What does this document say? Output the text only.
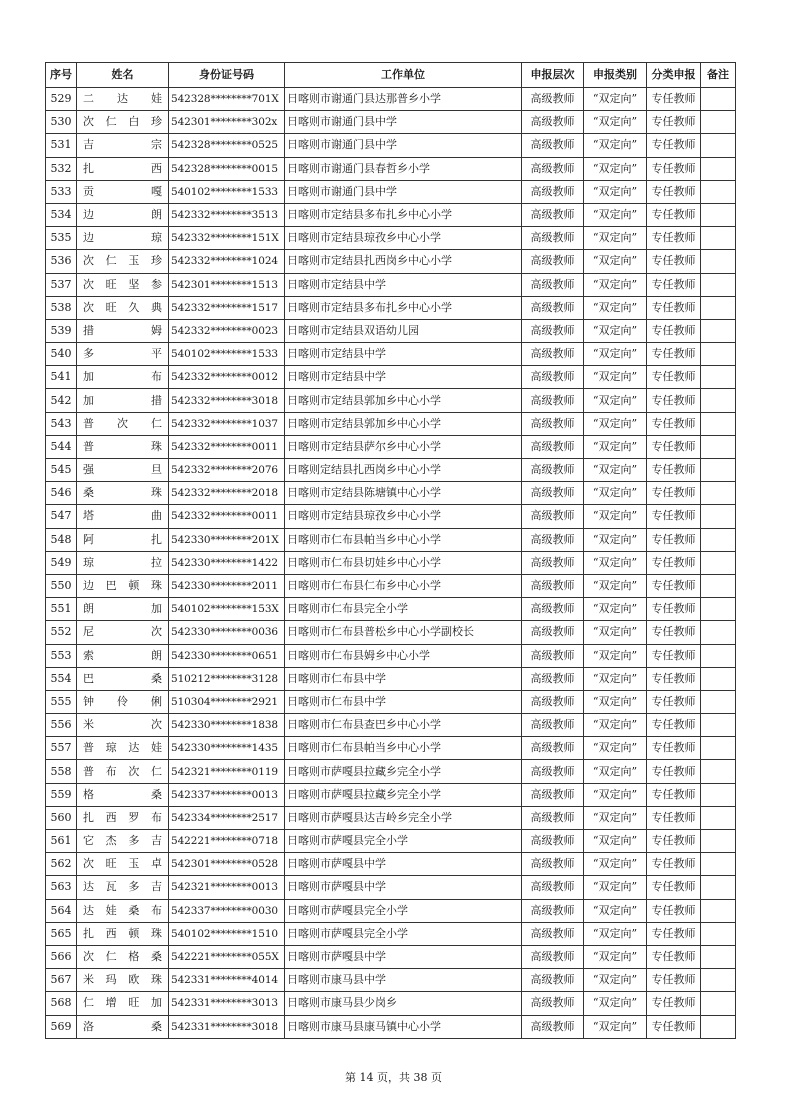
序号	姓名	身份证号码	工作单位	申报层次	申报类别	分类申报	备注
529	二 达 娃	542328********701X	日喀则市谢通门县达那普乡小学	高级教师	“双定向”	专任教师	
530	次 仁 白 珍	542301********302x	日喀则市谢通门县中学	高级教师	“双定向”	专任教师	
531	吉 宗	542328********0525	日喀则市谢通门县中学	高级教师	“双定向”	专任教师	
532	扎 西	542328********0015	日喀则市谢通门县春哲乡小学	高级教师	“双定向”	专任教师	
533	贡 嘎	540102********1533	日喀则市谢通门县中学	高级教师	“双定向”	专任教师	
534	边 朗	542332********3513	日喀则市定结县多布扎乡中心小学	高级教师	“双定向”	专任教师	
535	边 琼	542332********151X	日喀则市定结县琼孜乡中心小学	高级教师	“双定向”	专任教师	
536	次 仁 玉 珍	542332********1024	日喀则市定结县扎西岗乡中心小学	高级教师	“双定向”	专任教师	
537	次 旺 坚 参	542301********1513	日喀则市定结县中学	高级教师	“双定向”	专任教师	
538	次 旺 久 典	542332********1517	日喀则市定结县多布扎乡中心小学	高级教师	“双定向”	专任教师	
539	措 姆	542332********0023	日喀则市定结县双语幼儿园	高级教师	“双定向”	专任教师	
540	多 平	540102********1533	日喀则市定结县中学	高级教师	“双定向”	专任教师	
541	加 布	542332********0012	日喀则市定结县中学	高级教师	“双定向”	专任教师	
542	加 措	542332********3018	日喀则市定结县郭加乡中心小学	高级教师	“双定向”	专任教师	
543	普 次 仁	542332********1037	日喀则市定结县郭加乡中心小学	高级教师	“双定向”	专任教师	
544	普 珠	542332********0011	日喀则市定结县萨尔乡中心小学	高级教师	“双定向”	专任教师	
545	强 旦	542332********2076	日喀则定结县扎西岗乡中心小学	高级教师	“双定向”	专任教师	
546	桑 珠	542332********2018	日喀则市定结县陈塘镇中心小学	高级教师	“双定向”	专任教师	
547	塔 曲	542332********0011	日喀则市定结县琼孜乡中心小学	高级教师	“双定向”	专任教师	
548	阿 扎	542330********201X	日喀则市仁布县帕当乡中心小学	高级教师	“双定向”	专任教师	
549	琼 拉	542330********1422	日喀则市仁布县切娃乡中心小学	高级教师	“双定向”	专任教师	
550	边 巴 顿 珠	542330********2011	日喀则市仁布县仁布乡中心小学	高级教师	“双定向”	专任教师	
551	朗 加	540102********153X	日喀则市仁布县完全小学	高级教师	“双定向”	专任教师	
552	尼 次	542330********0036	日喀则市仁布县普松乡中心小学副校长	高级教师	“双定向”	专任教师	
553	索 朗	542330********0651	日喀则市仁布县姆乡中心小学	高级教师	“双定向”	专任教师	
554	巴 桑	510212********3128	日喀则市仁布县中学	高级教师	“双定向”	专任教师	
555	钟 伶 俐	510304********2921	日喀则市仁布县中学	高级教师	“双定向”	专任教师	
556	米 次	542330********1838	日喀则市仁布县查巴乡中心小学	高级教师	“双定向”	专任教师	
557	普 琼 达 娃	542330********1435	日喀则市仁布县帕当乡中心小学	高级教师	“双定向”	专任教师	
558	普 布 次 仁	542321********0119	日喀则市萨嘎县拉藏乡完全小学	高级教师	“双定向”	专任教师	
559	格 桑	542337********0013	日喀则市萨嘎县拉藏乡完全小学	高级教师	“双定向”	专任教师	
560	扎 西 罗 布	542334********2517	日喀则市萨嘎县达吉岭乡完全小学	高级教师	“双定向”	专任教师	
561	它 杰 多 吉	542221********0718	日喀则市萨嘎县完全小学	高级教师	“双定向”	专任教师	
562	次 旺 玉 卓	542301********0528	日喀则市萨嘎县中学	高级教师	“双定向”	专任教师	
563	达 瓦 多 吉	542321********0013	日喀则市萨嘎县中学	高级教师	“双定向”	专任教师	
564	达 娃 桑 布	542337********0030	日喀则市萨嘎县完全小学	高级教师	“双定向”	专任教师	
565	扎 西 顿 珠	540102********1510	日喀则市萨嘎县完全小学	高级教师	“双定向”	专任教师	
566	次 仁 格 桑	542221********055X	日喀则市萨嘎县中学	高级教师	“双定向”	专任教师	
567	米 玛 欧 珠	542331********4014	日喀则市康马县中学	高级教师	“双定向”	专任教师	
568	仁 增 旺 加	542331********3013	日喀则市康马县少岗乡	高级教师	“双定向”	专任教师	
569	洛 桑	542331********3018	日喀则市康马县康马镇中心小学	高级教师	“双定向”	专任教师	
第 14 页，共 38 页
